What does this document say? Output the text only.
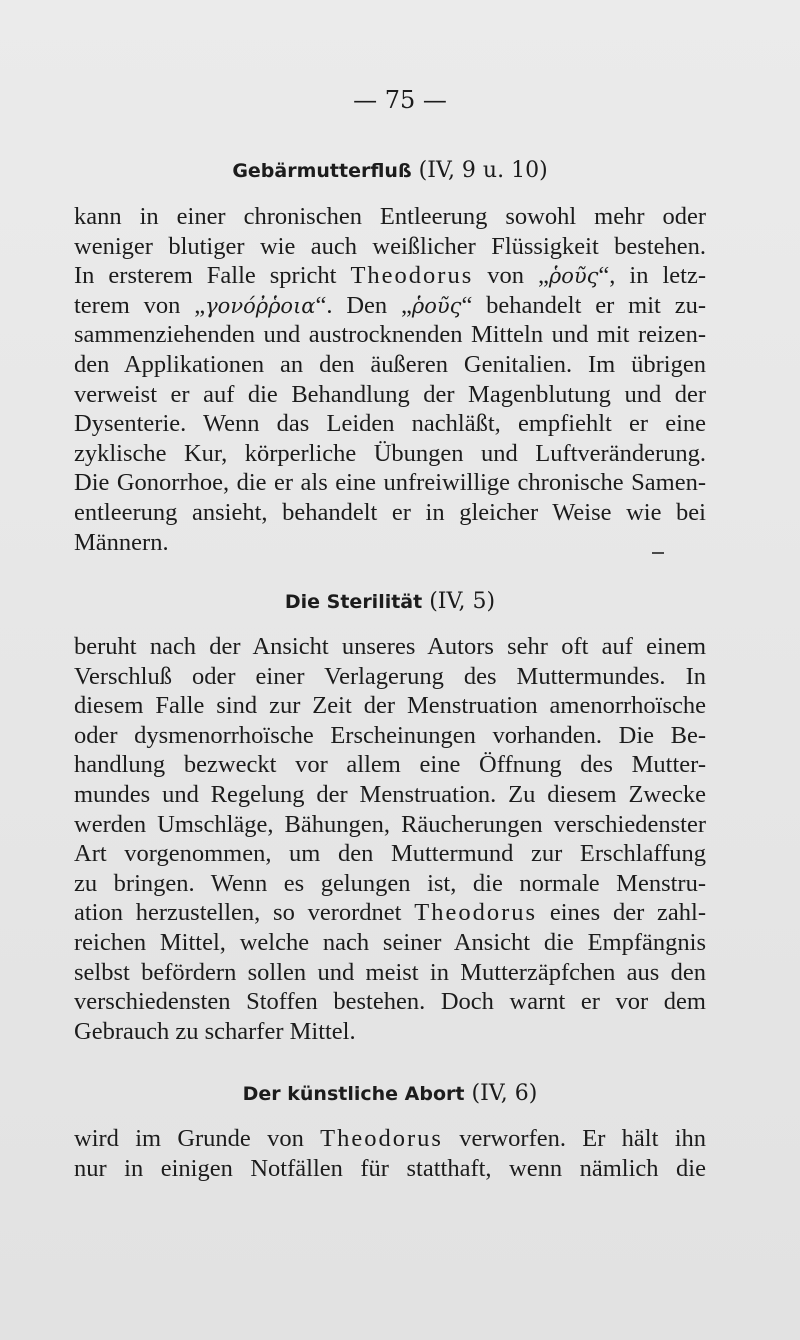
— 75 —
Gebärmutterfluß (IV, 9 u. 10)
kann in einer chronischen Entleerung sowohl mehr oder
weniger blutiger wie auch weißlicher Flüssigkeit bestehen.
In ersterem Falle spricht Theodorus von „ῥοῦς“, in letz-
terem von „γονόῤῥοια“. Den „ῥοῦς“ behandelt er mit zu-
sammenziehenden und austrocknenden Mitteln und mit reizen-
den Applikationen an den äußeren Genitalien. Im übrigen
verweist er auf die Behandlung der Magenblutung und der
Dysenterie. Wenn das Leiden nachläßt, empfiehlt er eine
zyklische Kur, körperliche Übungen und Luftveränderung.
Die Gonorrhoe, die er als eine unfreiwillige chronische Samen-
entleerung ansieht, behandelt er in gleicher Weise wie bei
Männern.
Die Sterilität (IV, 5)
beruht nach der Ansicht unseres Autors sehr oft auf einem
Verschluß oder einer Verlagerung des Muttermundes. In
diesem Falle sind zur Zeit der Menstruation amenorrhoïsche
oder dysmenorrhoïsche Erscheinungen vorhanden. Die Be-
handlung bezweckt vor allem eine Öffnung des Mutter-
mundes und Regelung der Menstruation. Zu diesem Zwecke
werden Umschläge, Bähungen, Räucherungen verschiedenster
Art vorgenommen, um den Muttermund zur Erschlaffung
zu bringen. Wenn es gelungen ist, die normale Menstru-
ation herzustellen, so verordnet Theodorus eines der zahl-
reichen Mittel, welche nach seiner Ansicht die Empfängnis
selbst befördern sollen und meist in Mutterzäpfchen aus den
verschiedensten Stoffen bestehen. Doch warnt er vor dem
Gebrauch zu scharfer Mittel.
Der künstliche Abort (IV, 6)
wird im Grunde von Theodorus verworfen. Er hält ihn
nur in einigen Notfällen für statthaft, wenn nämlich die
